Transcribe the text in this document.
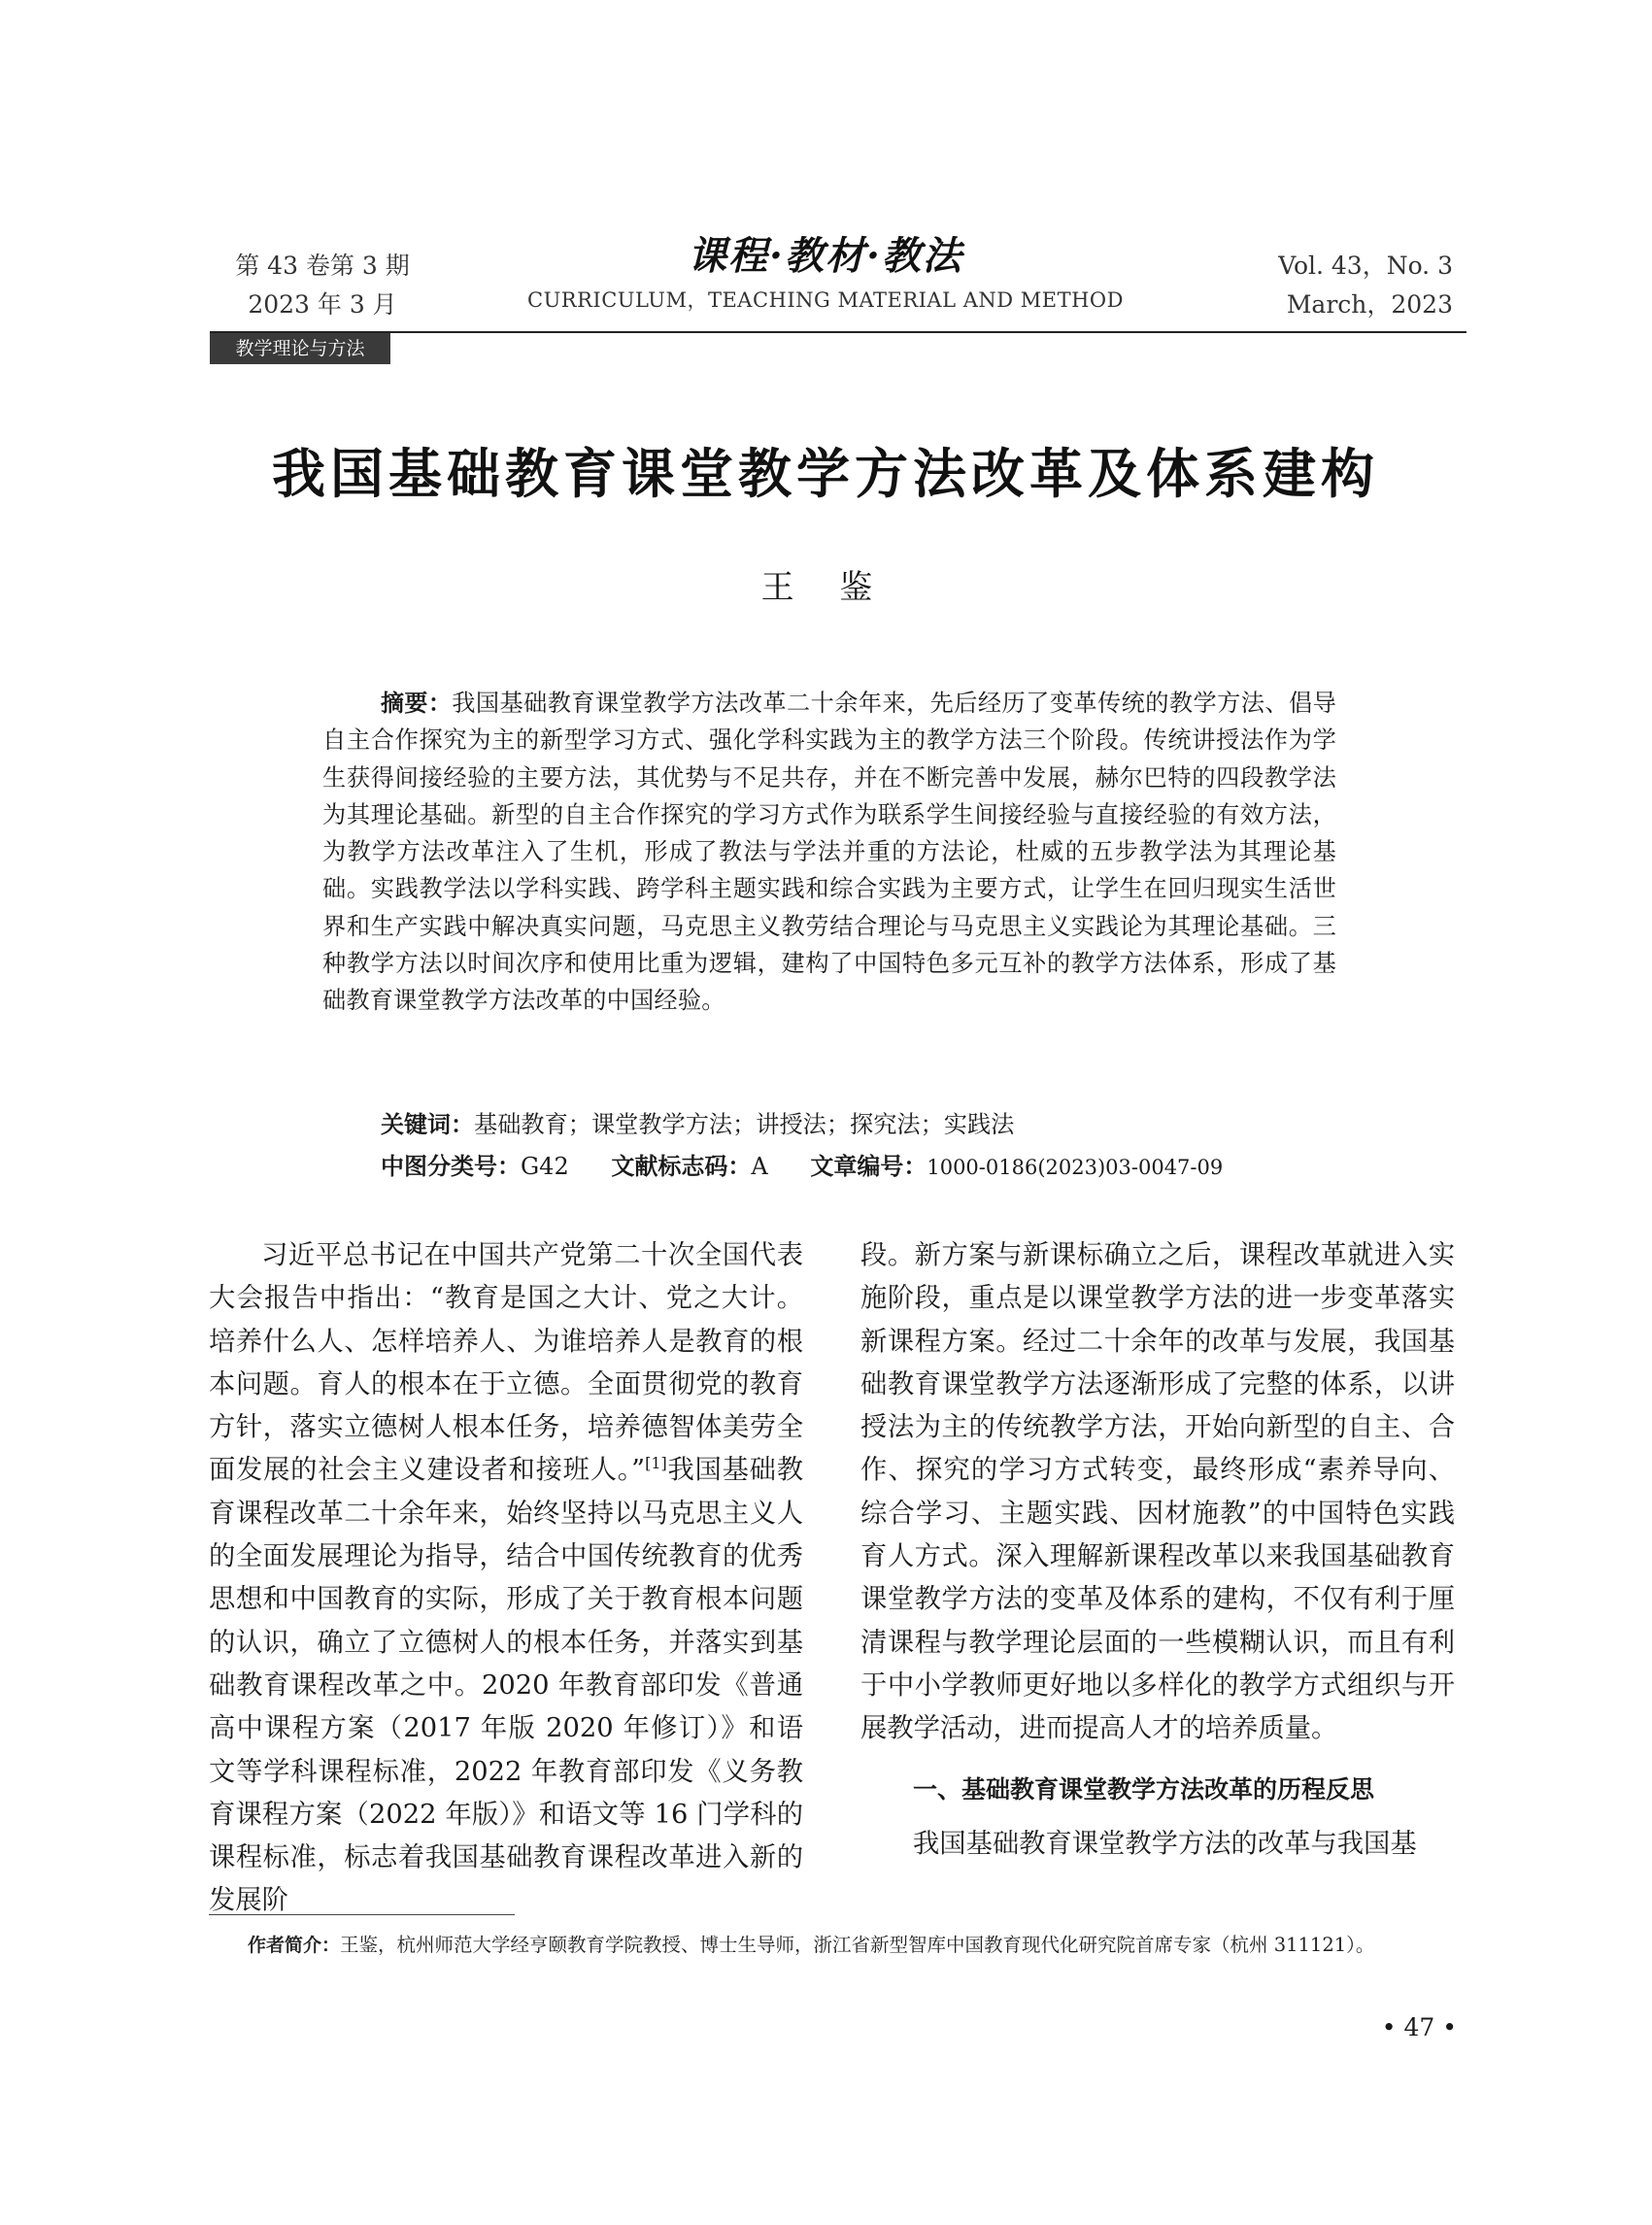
第 43 卷第 3 期
2023 年 3 月
课程·教材·教法
CURRICULUM，TEACHING MATERIAL AND METHOD
Vol. 43，No. 3
March，2023
教学理论与方法
我国基础教育课堂教学方法改革及体系建构
王 鉴
摘要：我国基础教育课堂教学方法改革二十余年来，先后经历了变革传统的教学方法、倡导自主合作探究为主的新型学习方式、强化学科实践为主的教学方法三个阶段。传统讲授法作为学生获得间接经验的主要方法，其优势与不足共存，并在不断完善中发展，赫尔巴特的四段教学法为其理论基础。新型的自主合作探究的学习方式作为联系学生间接经验与直接经验的有效方法，为教学方法改革注入了生机，形成了教法与学法并重的方法论，杜威的五步教学法为其理论基础。实践教学法以学科实践、跨学科主题实践和综合实践为主要方式，让学生在回归现实生活世界和生产实践中解决真实问题，马克思主义教劳结合理论与马克思主义实践论为其理论基础。三种教学方法以时间次序和使用比重为逻辑，建构了中国特色多元互补的教学方法体系，形成了基础教育课堂教学方法改革的中国经验。
关键词：基础教育；课堂教学方法；讲授法；探究法；实践法
中图分类号：G42 文献标志码：A 文章编号：1000-0186(2023)03-0047-09

习近平总书记在中国共产党第二十次全国代表大会报告中指出：“教育是国之大计、党之大计。培养什么人、怎样培养人、为谁培养人是教育的根本问题。育人的根本在于立德。全面贯彻党的教育方针，落实立德树人根本任务，培养德智体美劳全面发展的社会主义建设者和接班人。”[1]我国基础教育课程改革二十余年来，始终坚持以马克思主义人的全面发展理论为指导，结合中国传统教育的优秀思想和中国教育的实际，形成了关于教育根本问题的认识，确立了立德树人的根本任务，并落实到基础教育课程改革之中。2020 年教育部印发《普通高中课程方案（2017 年版 2020 年修订）》和语文等学科课程标准，2022 年教育部印发《义务教育课程方案（2022 年版）》和语文等 16 门学科的课程标准，标志着我国基础教育课程改革进入新的发展阶

段。新方案与新课标确立之后，课程改革就进入实施阶段，重点是以课堂教学方法的进一步变革落实新课程方案。经过二十余年的改革与发展，我国基础教育课堂教学方法逐渐形成了完整的体系，以讲授法为主的传统教学方法，开始向新型的自主、合作、探究的学习方式转变，最终形成“素养导向、综合学习、主题实践、因材施教”的中国特色实践育人方式。深入理解新课程改革以来我国基础教育课堂教学方法的变革及体系的建构，不仅有利于厘清课程与教学理论层面的一些模糊认识，而且有利于中小学教师更好地以多样化的教学方式组织与开展教学活动，进而提高人才的培养质量。

一、基础教育课堂教学方法改革的历程反思

我国基础教育课堂教学方法的改革与我国基

作者简介：王鉴，杭州师范大学经亨颐教育学院教授、博士生导师，浙江省新型智库中国教育现代化研究院首席专家（杭州 311121）。
• 47 •
